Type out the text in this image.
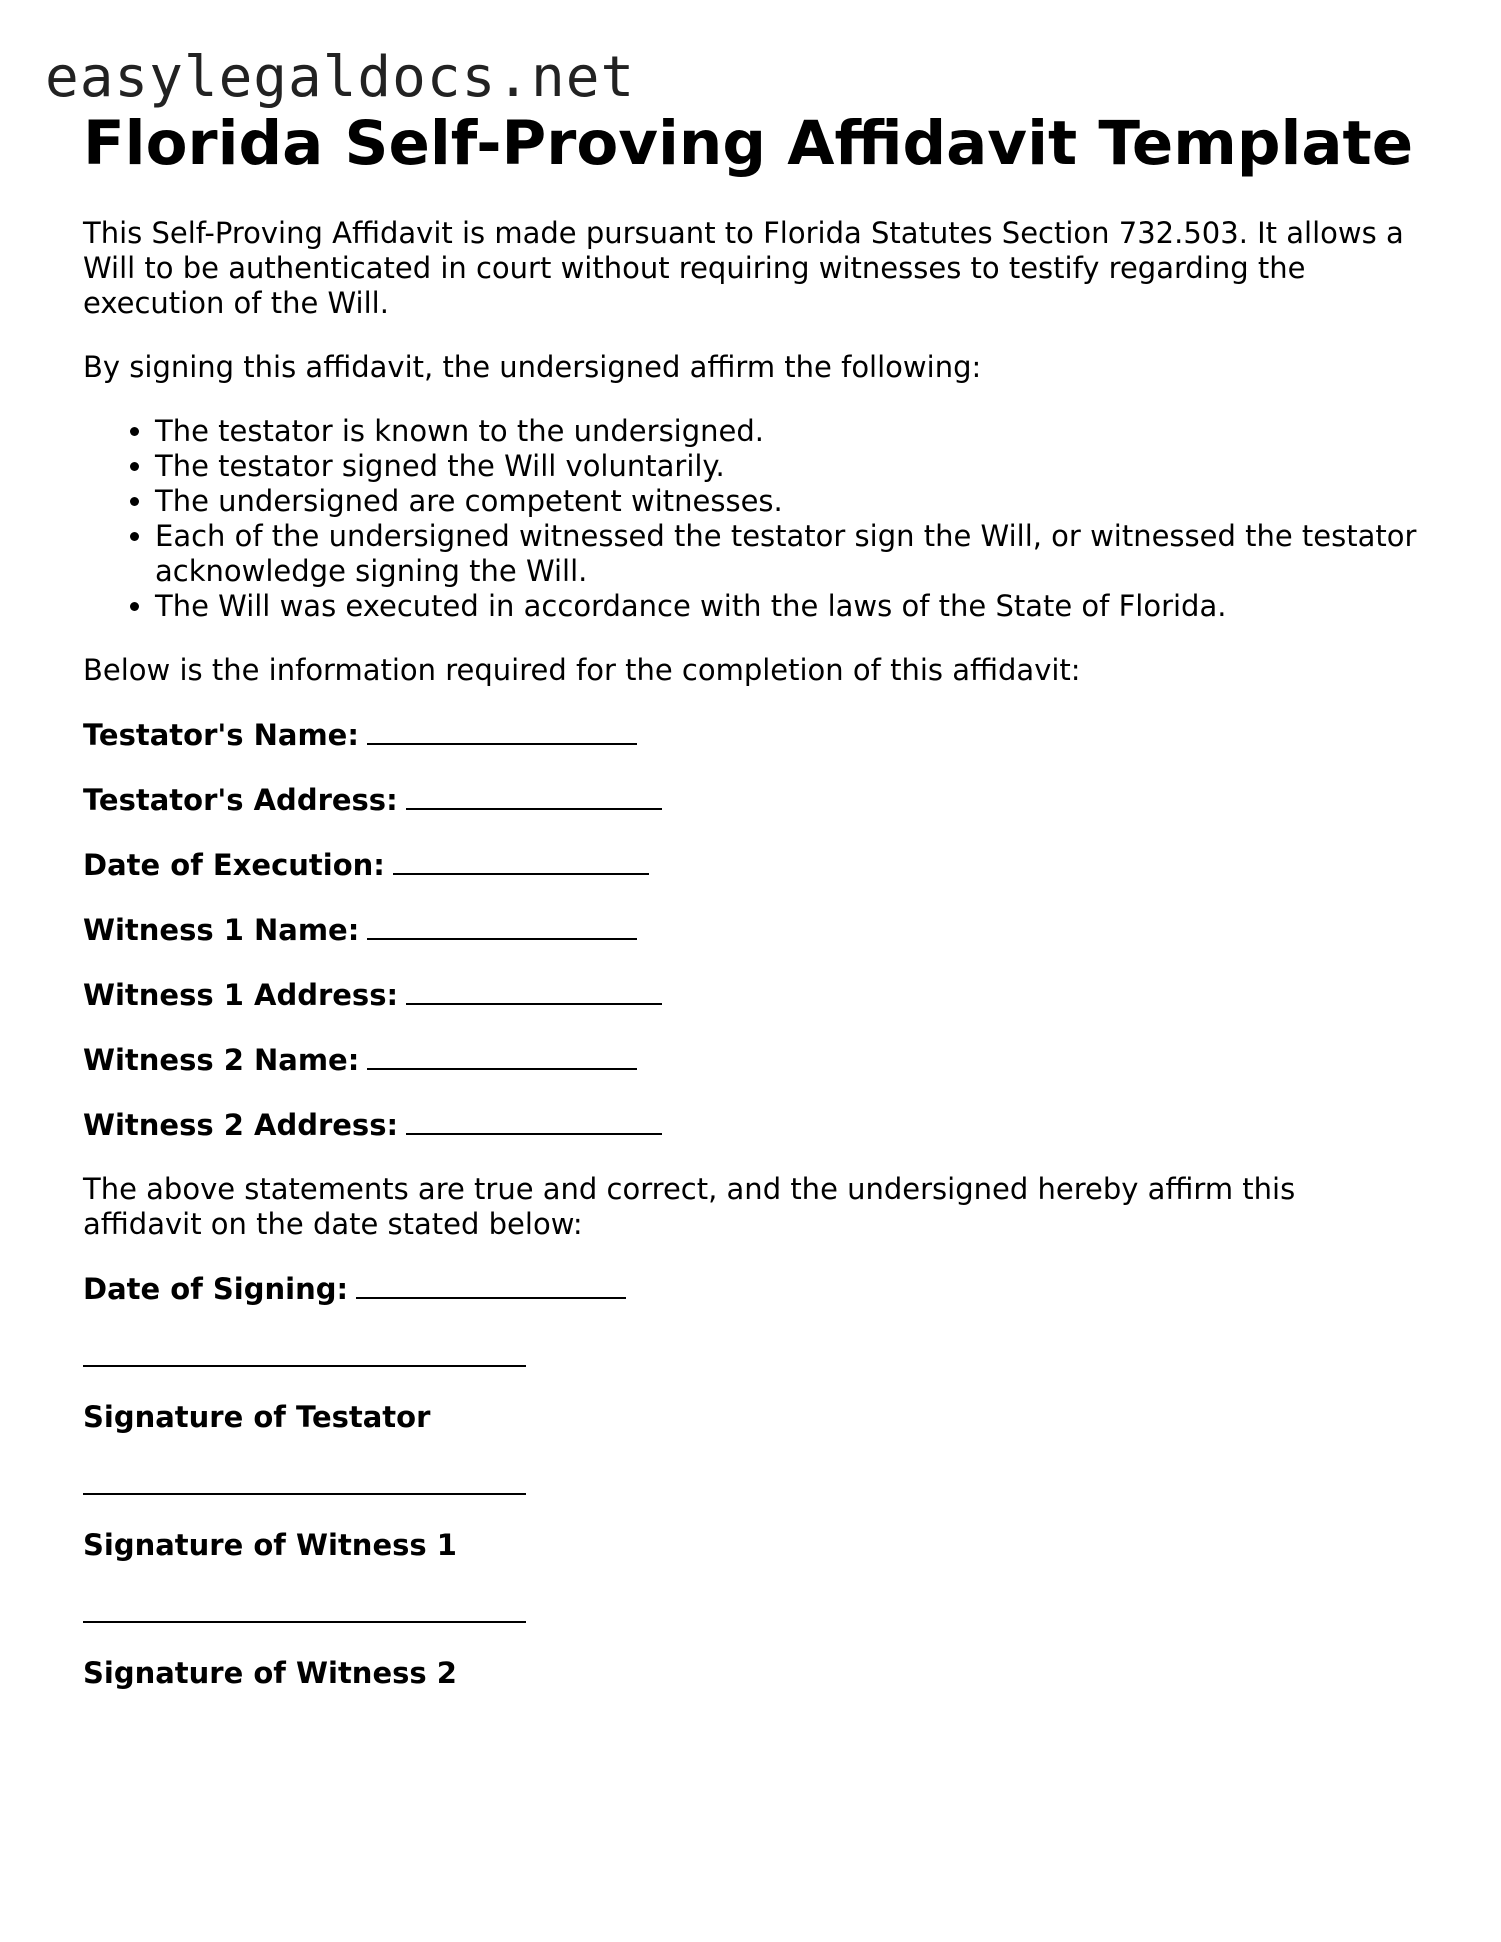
easylegaldocs.net
Florida Self-Proving Affidavit Template

This Self-Proving Affidavit is made pursuant to Florida Statutes Section 732.503. It allows a Will to be authenticated in court without requiring witnesses to testify regarding the execution of the Will.

By signing this affidavit, the undersigned affirm the following:

• The testator is known to the undersigned.
• The testator signed the Will voluntarily.
• The undersigned are competent witnesses.
• Each of the undersigned witnessed the testator sign the Will, or witnessed the testator acknowledge signing the Will.
• The Will was executed in accordance with the laws of the State of Florida.

Below is the information required for the completion of this affidavit:

Testator's Name:
Testator's Address:
Date of Execution:
Witness 1 Name:
Witness 1 Address:
Witness 2 Name:
Witness 2 Address:

The above statements are true and correct, and the undersigned hereby affirm this affidavit on the date stated below:

Date of Signing:
Signature of Testator
Signature of Witness 1
Signature of Witness 2
